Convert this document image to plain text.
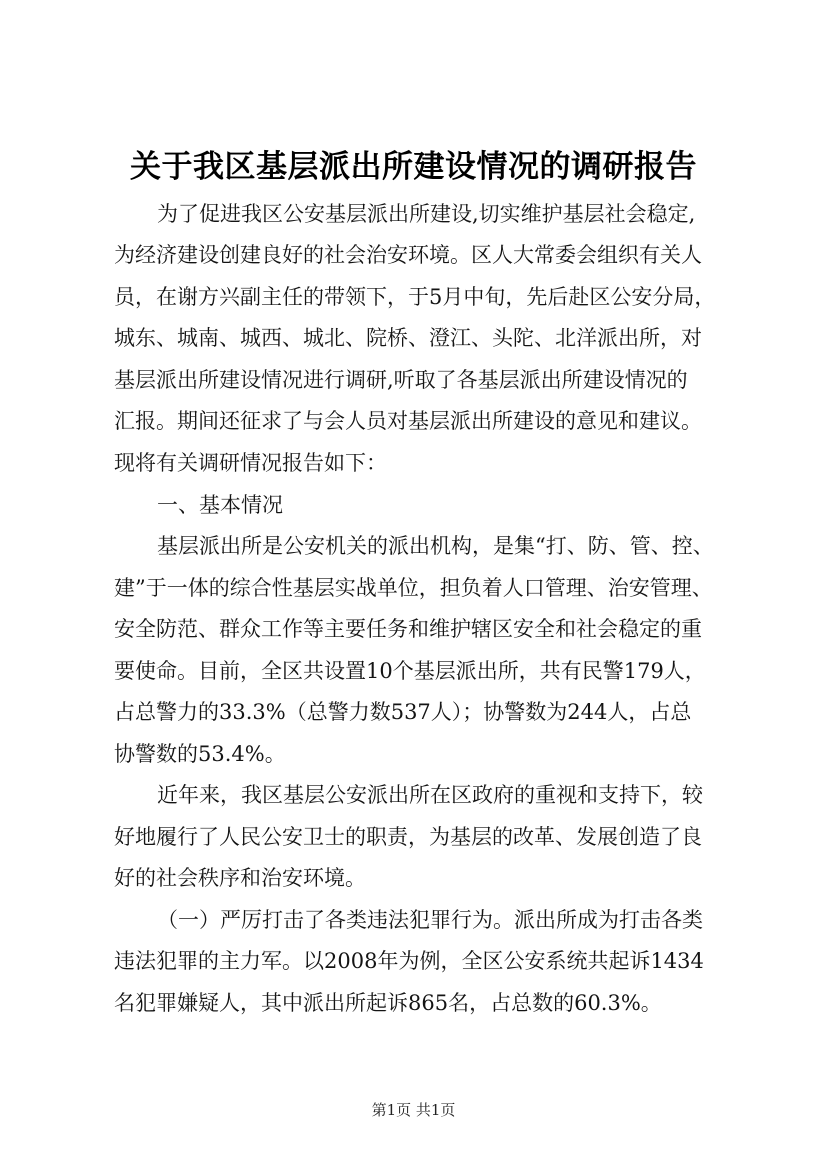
关于我区基层派出所建设情况的调研报告
为了促进我区公安基层派出所建设,切实维护基层社会稳定,
为经济建设创建良好的社会治安环境。区人大常委会组织有关人
员，在谢方兴副主任的带领下，于5月中旬，先后赴区公安分局，
城东、城南、城西、城北、院桥、澄江、头陀、北洋派出所，对
基层派出所建设情况进行调研,听取了各基层派出所建设情况的
汇报。期间还征求了与会人员对基层派出所建设的意见和建议。
现将有关调研情况报告如下：
一、基本情况
基层派出所是公安机关的派出机构，是集“打、防、管、控、
建”于一体的综合性基层实战单位，担负着人口管理、治安管理、
安全防范、群众工作等主要任务和维护辖区安全和社会稳定的重
要使命。目前，全区共设置10个基层派出所，共有民警179人，
占总警力的33.3%（总警力数537人）；协警数为244人，占总
协警数的53.4%。
近年来，我区基层公安派出所在区政府的重视和支持下，较
好地履行了人民公安卫士的职责，为基层的改革、发展创造了良
好的社会秩序和治安环境。
（一）严厉打击了各类违法犯罪行为。派出所成为打击各类
违法犯罪的主力军。以2008年为例，全区公安系统共起诉1434
名犯罪嫌疑人，其中派出所起诉865名，占总数的60.3%。
第1页 共1页
